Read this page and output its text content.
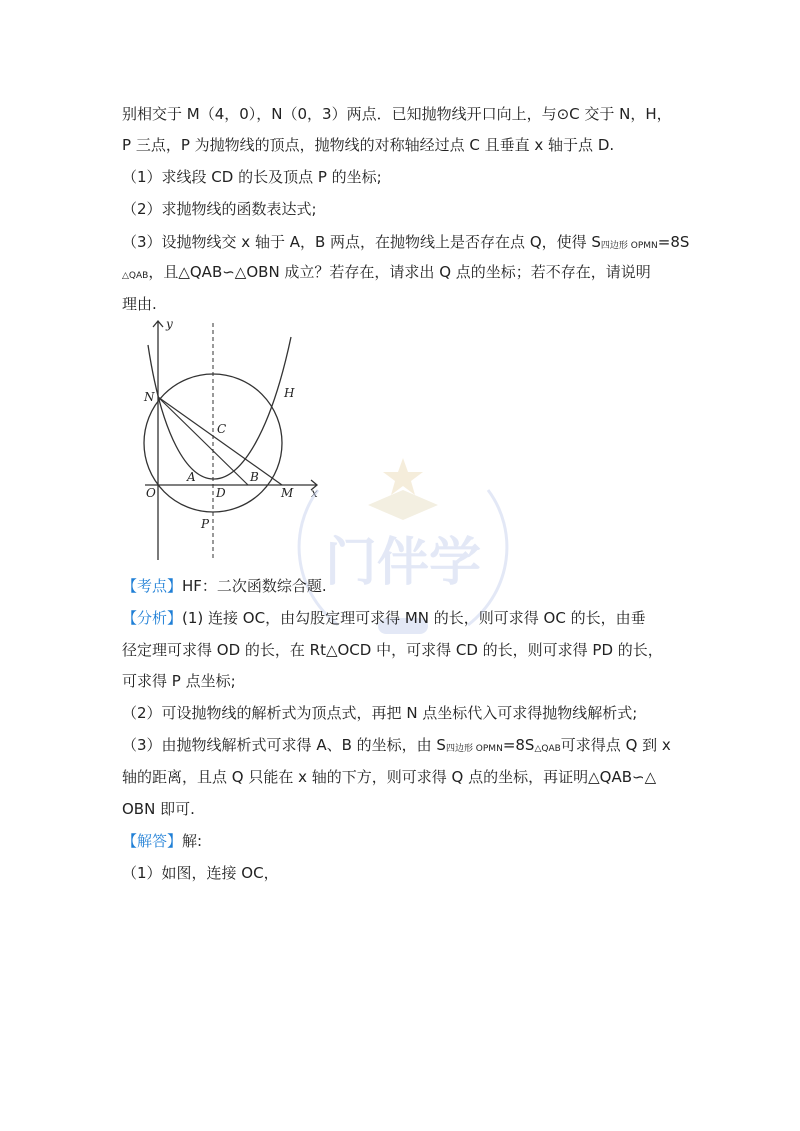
别相交于 M（4，0），N（0，3）两点．已知抛物线开口向上，与⊙C 交于 N，H，
P 三点，P 为抛物线的顶点，抛物线的对称轴经过点 C 且垂直 x 轴于点 D.
（1）求线段 CD 的长及顶点 P 的坐标;
（2）求抛物线的函数表达式;
（3）设抛物线交 x 轴于 A，B 两点，在抛物线上是否存在点 Q，使得 S四边形 OPMN=8S
△QAB，且△QAB∽△OBN 成立？若存在，请求出 Q 点的坐标；若不存在，请说明
理由.
y
x
N	H
C
A	B
O	D	M
P
门伴学
【考点】HF：二次函数综合题.
【分析】(1) 连接 OC，由勾股定理可求得 MN 的长，则可求得 OC 的长，由垂
径定理可求得 OD 的长，在 Rt△OCD 中，可求得 CD 的长，则可求得 PD 的长，
可求得 P 点坐标;
（2）可设抛物线的解析式为顶点式，再把 N 点坐标代入可求得抛物线解析式;
（3）由抛物线解析式可求得 A、B 的坐标，由 S四边形 OPMN=8S△QAB可求得点 Q 到 x
轴的距离，且点 Q 只能在 x 轴的下方，则可求得 Q 点的坐标，再证明△QAB∽△
OBN 即可.
【解答】解:
（1）如图，连接 OC，
